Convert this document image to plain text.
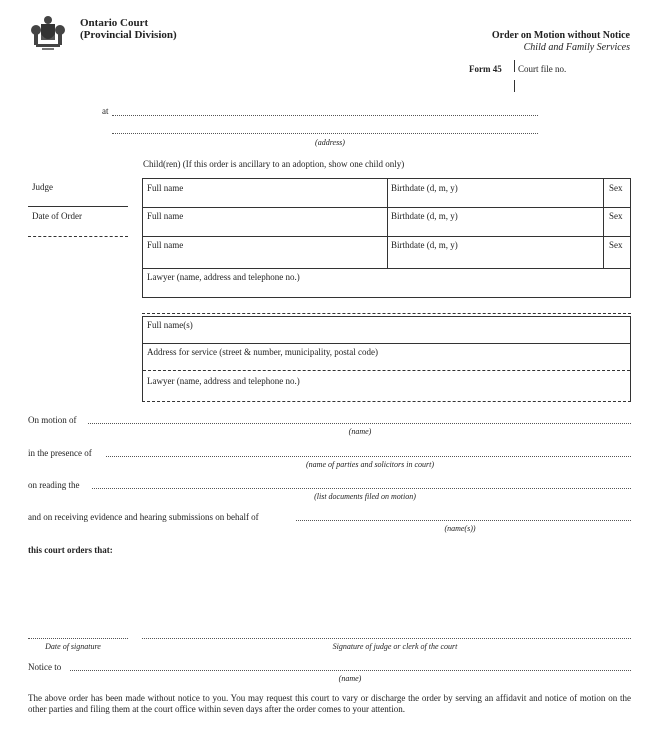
Ontario Court
(Provincial Division)	Order on Motion without Notice
Child and Family Services
Form 45 Court file no.
at
(address)
Child(ren) (If this order is ancillary to an adoption, show one child only)
Judge
Date of Order
Full name	Birthdate (d, m, y)	Sex
Full name	Birthdate (d, m, y)	Sex
Full name	Birthdate (d, m, y)	Sex
Lawyer (name, address and telephone no.)
Full name(s)
Address for service (street & number, municipality, postal code)
Lawyer (name, address and telephone no.)
On motion of
(name)
in the presence of
(name of parties and solicitors in court)
on reading the
(list documents filed on motion)
and on receiving evidence and hearing submissions on behalf of
(name(s))
this court orders that:
Date of signature	Signature of judge or clerk of the court
Notice to
(name)
The above order has been made without notice to you. You may request this court to vary or discharge the order by serving an affidavit and notice of motion on the other parties and filing them at the court office within seven days after the order comes to your attention.
